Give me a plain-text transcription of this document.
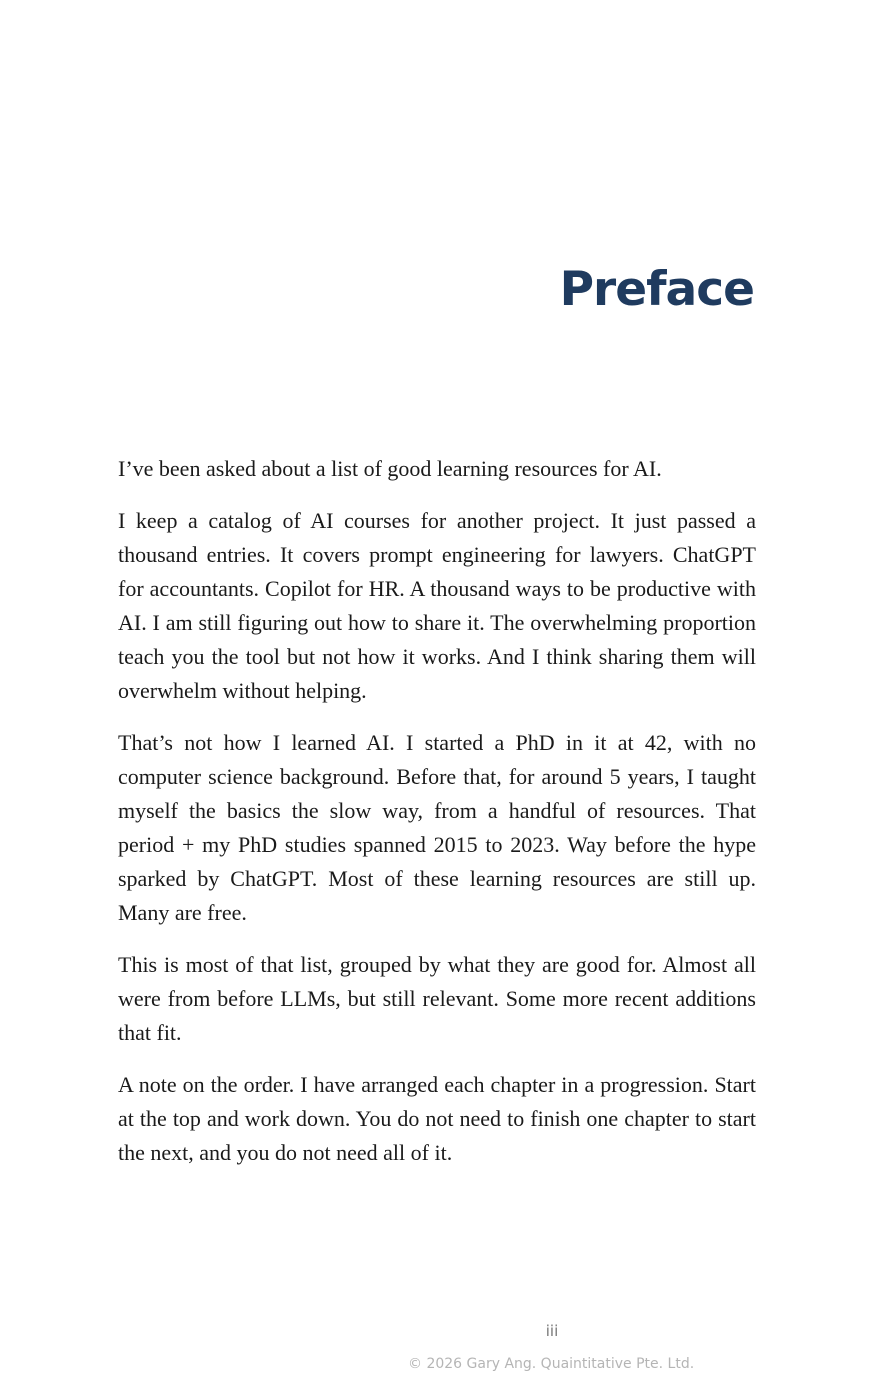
Preface

I’ve been asked about a list of good learning resources for AI.

I keep a catalog of AI courses for another project. It just passed a thousand entries. It covers prompt engineering for lawyers. ChatGPT for accountants. Copilot for HR. A thousand ways to be productive with AI. I am still figuring out how to share it. The overwhelming proportion teach you the tool but not how it works. And I think sharing them will overwhelm without helping.

That’s not how I learned AI. I started a PhD in it at 42, with no computer science background. Before that, for around 5 years, I taught myself the basics the slow way, from a handful of resources. That period + my PhD studies spanned 2015 to 2023. Way before the hype sparked by ChatGPT. Most of these learning resources are still up. Many are free.

This is most of that list, grouped by what they are good for. Almost all were from before LLMs, but still relevant. Some more recent additions that fit.

A note on the order. I have arranged each chapter in a progression. Start at the top and work down. You do not need to finish one chapter to start the next, and you do not need all of it.

iii
© 2026 Gary Ang. Quaintitative Pte. Ltd.
